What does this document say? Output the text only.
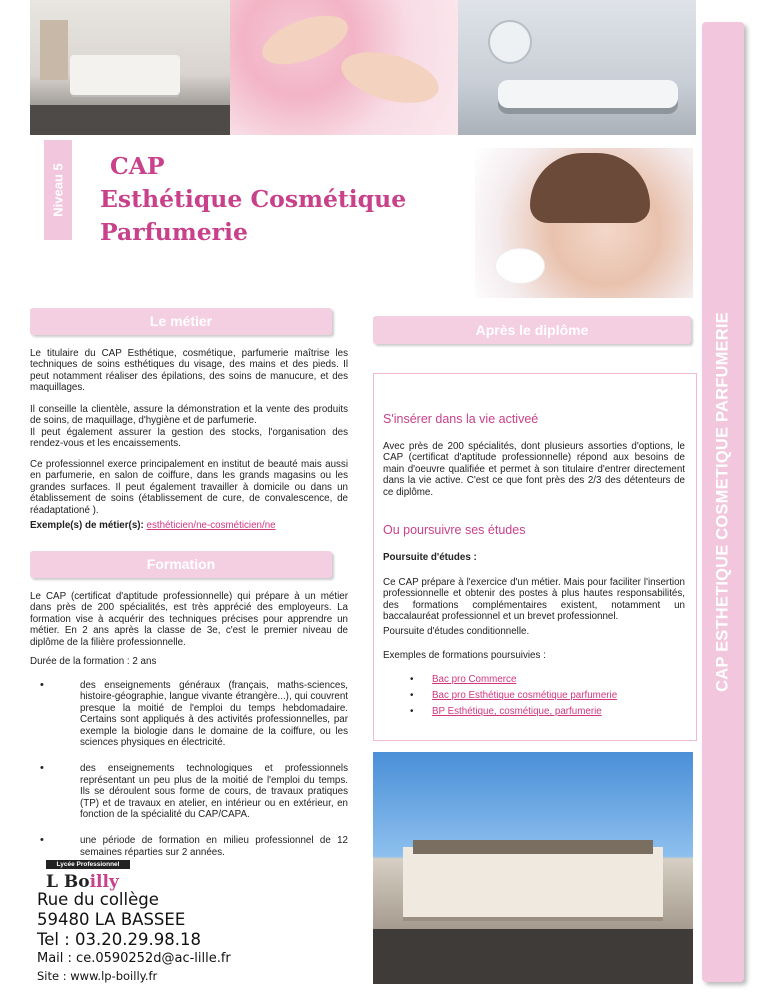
CAP ESTHETIQUE COSMETIQUE PARFUMERIE
Niveau 5 CAP
Esthétique Cosmétique
Parfumerie
Le métier
Le titulaire du CAP Esthétique, cosmétique, parfumerie maîtrise les techniques de soins esthétiques du visage, des mains et des pieds. Il peut notamment réaliser des épilations, des soins de manucure, et des maquillages.
Il conseille la clientèle, assure la démonstration et la vente des produits de soins, de maquillage, d'hygiène et de parfumerie.
Il peut également assurer la gestion des stocks, l'organisation des rendez-vous et les encaissements.
Ce professionnel exerce principalement en institut de beauté mais aussi en parfumerie, en salon de coiffure, dans les grands magasins ou les grandes surfaces. Il peut également travailler à domicile ou dans un établissement de soins (établissement de cure, de convalescence, de réadaptationé ).
Exemple(s) de métier(s): esthéticien/ne-cosméticien/ne
Formation
Le CAP (certificat d'aptitude professionnelle) qui prépare à un métier dans près de 200 spécialités, est très apprécié des employeurs. La formation vise à acquérir des techniques précises pour apprendre un métier. En 2 ans après la classe de 3e, c'est le premier niveau de diplôme de la filière professionnelle.
Durée de la formation : 2 ans
• des enseignements généraux (français, maths-sciences, histoire-géographie, langue vivante étrangère...), qui couvrent presque la moitié de l'emploi du temps hebdomadaire. Certains sont appliqués à des activités professionnelles, par exemple la biologie dans le domaine de la coiffure, ou les sciences physiques en électricité.
• des enseignements technologiques et professionnels représentant un peu plus de la moitié de l'emploi du temps. Ils se déroulent sous forme de cours, de travaux pratiques (TP) et de travaux en atelier, en intérieur ou en extérieur, en fonction de la spécialité du CAP/CAPA.
• une période de formation en milieu professionnel de 12 semaines réparties sur 2 années.
Après le diplôme
S'insérer dans la vie activeé
Avec près de 200 spécialités, dont plusieurs assorties d'options, le CAP (certificat d'aptitude professionnelle) répond aux besoins de main d'oeuvre qualifiée et permet à son titulaire d'entrer directement dans la vie active. C'est ce que font près des 2/3 des détenteurs de ce diplôme.
Ou poursuivre ses études
Poursuite d'études :
Ce CAP prépare à l'exercice d'un métier. Mais pour faciliter l'insertion professionnelle et obtenir des postes à plus hautes responsabilités, des formations complémentaires existent, notamment un baccalauréat professionnel et un brevet professionnel.
Poursuite d'études conditionnelle.
Exemples de formations poursuivies :
• Bac pro Commerce
• Bac pro Esthétique cosmétique parfumerie
• BP Esthétique, cosmétique, parfumerie
Lycée Professionnel
L Boilly
Rue du collège
59480 LA BASSEE
Tel : 03.20.29.98.18
Mail : ce.0590252d@ac-lille.fr
Site : www.lp-boilly.fr
